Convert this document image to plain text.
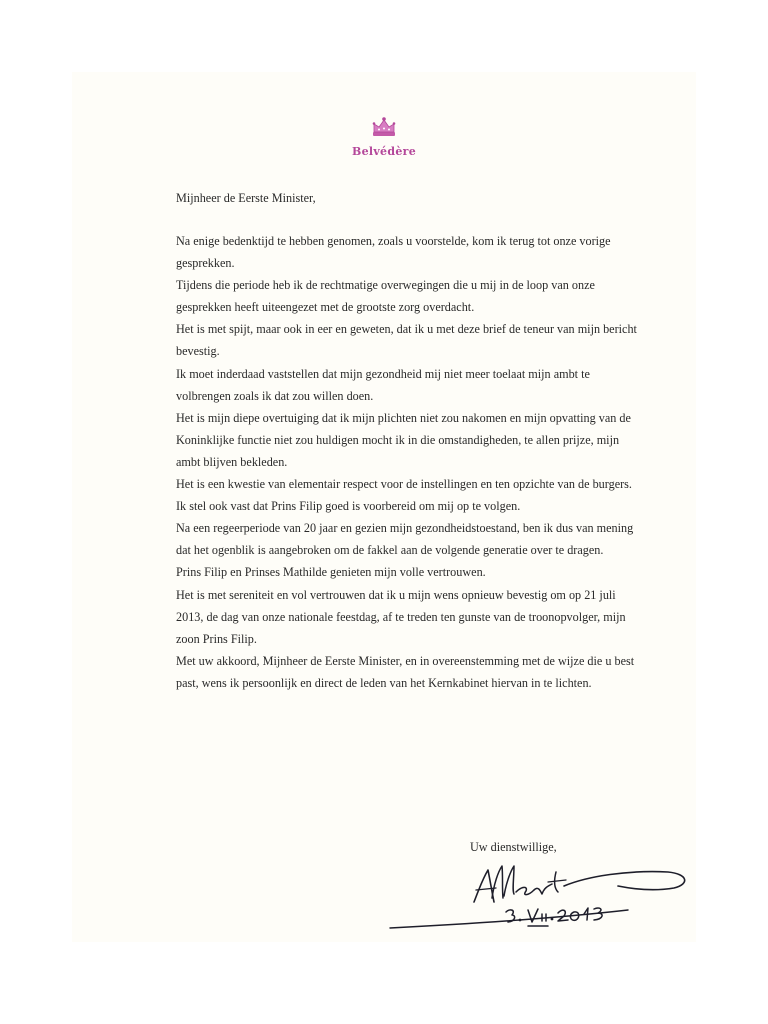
Belvédère

Mijnheer de Eerste Minister,

Na enige bedenktijd te hebben genomen, zoals u voorstelde, kom ik terug tot onze vorige gesprekken.

Tijdens die periode heb ik de rechtmatige overwegingen die u mij in de loop van onze gesprekken heeft uiteengezet met de grootste zorg overdacht.

Het is met spijt, maar ook in eer en geweten, dat ik u met deze brief de teneur van mijn bericht bevestig.

Ik moet inderdaad vaststellen dat mijn gezondheid mij niet meer toelaat mijn ambt te volbrengen zoals ik dat zou willen doen.

Het is mijn diepe overtuiging dat ik mijn plichten niet zou nakomen en mijn opvatting van de Koninklijke functie niet zou huldigen mocht ik in die omstandigheden, te allen prijze, mijn ambt blijven bekleden.

Het is een kwestie van elementair respect voor de instellingen en ten opzichte van de burgers.

Ik stel ook vast dat Prins Filip goed is voorbereid om mij op te volgen.

Na een regeerperiode van 20 jaar en gezien mijn gezondheidstoestand, ben ik dus van mening dat het ogenblik is aangebroken om de fakkel aan de volgende generatie over te dragen.

Prins Filip en Prinses Mathilde genieten mijn volle vertrouwen.

Het is met sereniteit en vol vertrouwen dat ik u mijn wens opnieuw bevestig om op 21 juli 2013, de dag van onze nationale feestdag, af te treden ten gunste van de troonopvolger, mijn zoon Prins Filip.

Met uw akkoord, Mijnheer de Eerste Minister, en in overeenstemming met de wijze die u best past, wens ik persoonlijk en direct de leden van het Kernkabinet hiervan in te lichten.

Uw dienstwillige,
